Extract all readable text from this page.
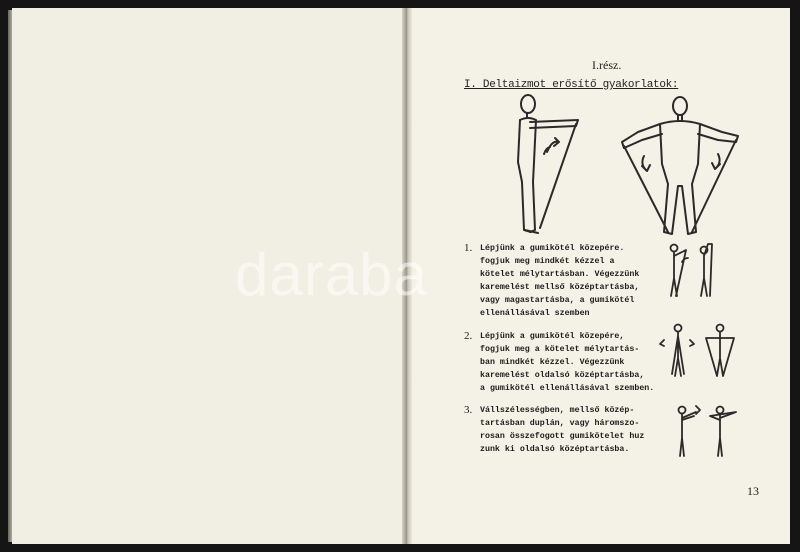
I.rész.
I. Deltaizmot erősítő gyakorlatok:
1. Lépjünk a gumikötél közepére.
fogjuk meg mindkét kézzel a
kötelet mélytartásban. Végezzünk
karemelést mellső középtartásba,
vagy magastartásba, a gumikötél
ellenállásával szemben
2. Lépjünk a gumikötél közepére,
fogjuk meg a kötelet mélytartás-
ban mindkét kézzel. Végezzünk
karemelést oldalsó középtartásba,
a gumikötél ellenállásával szemben.
3. Vállszélességben, mellső közép-
tartásban duplán, vagy háromszo-
rosan összefogott gumikötelet huz
zunk ki oldalsó középtartásba.
13
daraba
